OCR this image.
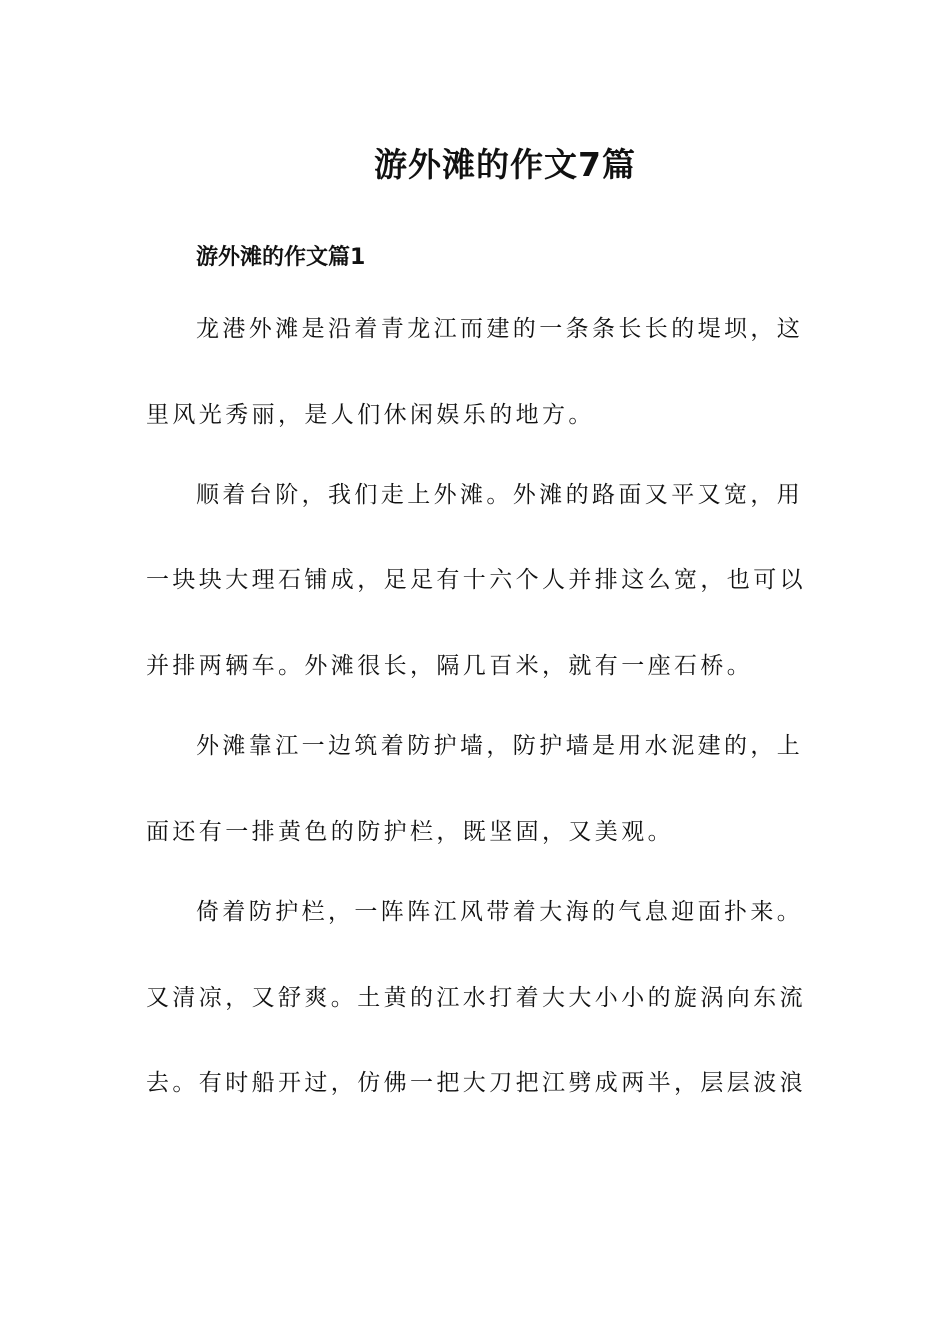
游外滩的作文7篇
游外滩的作文篇1
龙港外滩是沿着青龙江而建的一条条长长的堤坝，这
里风光秀丽，是人们休闲娱乐的地方。
顺着台阶，我们走上外滩。外滩的路面又平又宽，用
一块块大理石铺成，足足有十六个人并排这么宽，也可以
并排两辆车。外滩很长，隔几百米，就有一座石桥。
外滩靠江一边筑着防护墙，防护墙是用水泥建的，上
面还有一排黄色的防护栏，既坚固，又美观。
倚着防护栏，一阵阵江风带着大海的气息迎面扑来。
又清凉，又舒爽。土黄的江水打着大大小小的旋涡向东流
去。有时船开过，仿佛一把大刀把江劈成两半，层层波浪
